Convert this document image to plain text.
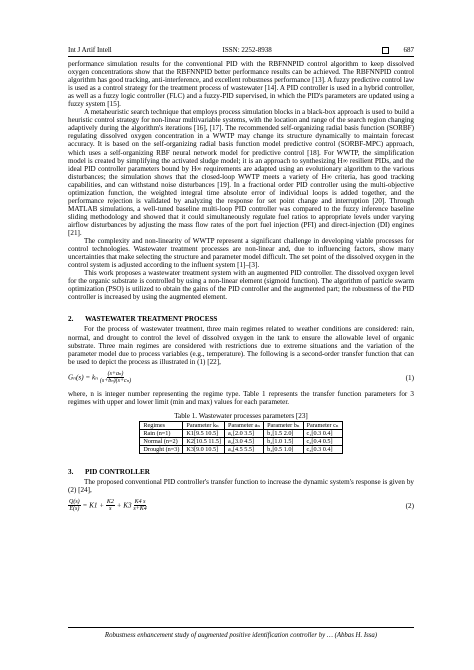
Int J Artif Intell	ISSN: 2252-8938	687

performance simulation results for the conventional PID with the RBFNNPID control algorithm to keep dissolved oxygen concentrations show that the RBFNNPID better performance results can be achieved. The RBFNNPID control algorithm has good tracking, anti-interference, and excellent robustness performance [13]. A fuzzy predictive control law is used as a control strategy for the treatment process of wastewater [14]. A PID controller is used in a hybrid controller, as well as a fuzzy logic controller (FLC) and a fuzzy-PID supervised, in which the PID's parameters are updated using a fuzzy system [15].

A metaheuristic search technique that employs process simulation blocks in a black-box approach is used to build a heuristic control strategy for non-linear multivariable systems, with the location and range of the search region changing adaptively during the algorithm's iterations [16], [17]. The recommended self-organizing radial basis function (SORBF) regulating dissolved oxygen concentration in a WWTP may change its structure dynamically to maintain forecast accuracy. It is based on the self-organizing radial basis function model predictive control (SORBF-MPC) approach, which uses a self-organizing RBF neural network model for predictive control [18]. For WWTP, the simplification model is created by simplifying the activated sludge model; it is an approach to synthesizing H∞ resilient PIDs, and the ideal PID controller parameters bound by H∞ requirements are adapted using an evolutionary algorithm to the various disturbances; the simulation shows that the closed-loop WWTP meets a variety of H∞ criteria, has good tracking capabilities, and can withstand noise disturbances [19]. In a fractional order PID controller using the multi-objective optimization function, the weighted integral time absolute error of individual loops is added together, and the performance rejection is validated by analyzing the response for set point change and interruption [20]. Through MATLAB simulations, a well-tuned baseline multi-loop PID controller was compared to the fuzzy inference baseline sliding methodology and showed that it could simultaneously regulate fuel ratios to appropriate levels under varying airflow disturbances by adjusting the mass flow rates of the port fuel injection (PFI) and direct-injection (DI) engines [21].

The complexity and non-linearity of WWTP represent a significant challenge in developing viable processes for control technologies. Wastewater treatment processes are non-linear and, due to influencing factors, show many uncertainties that make selecting the structure and parameter model difficult. The set point of the dissolved oxygen in the control system is adjusted according to the influent system [1]–[3].

This work proposes a wastewater treatment system with an augmented PID controller. The dissolved oxygen level for the organic substrate is controlled by using a non-linear element (sigmoid function). The algorithm of particle swarm optimization (PSO) is utilized to obtain the gains of the PID controller and the augmented part; the robustness of the PID controller is increased by using the augmented element.

2. WASTEWATER TREATMENT PROCESS

For the process of wastewater treatment, three main regimes related to weather conditions are considered: rain, normal, and drought to control the level of dissolved oxygen in the tank to ensure the allowable level of organic substrate. Three main regimes are considered with restrictions due to extreme situations and the variation of the parameter model due to process variables (e.g., temperature). The following is a second-order transfer function that can be used to depict the process as illustrated in (1) [22],

Gₙ(s) = kₙ $\frac{\text{(s+aₙ)}}{\text{(s+bₙ)(s+cₙ)}}$	(1)

where, n is integer number representing the regime type. Table 1 represents the transfer function parameters for 3 regimes with upper and lower limit (min and max) values for each parameter.

Table 1. Wastewater processes parameters [23]

Regimes	Parameter kₙ	Parameter aₙ	Parameter bₙ	Parameter cₙ
Rain (n=1)	K1[9.5 10.5]	a₁[2.0 3.5]	b₁[1.5 2.0]	c₁[0.3 0.4]
Normal (n=2)	K2[10.5 11.5]	a₂[3.0 4.5]	b₂[1.0 1.5]	c₂[0.4 0.5]
Drought (n=3)	K3[9.0 10.5]	a₃[4.5 5.5]	b₃[0.5 1.0]	c₃[0.3 0.4]

3. PID CONTROLLER

The proposed conventional PID controller's transfer function to increase the dynamic system's response is given by (2) [24],

$\frac{Q(s)}{E(s)} = K1 + \frac{K2}{s} + K3 \frac{K4 s}{s+K4}$	(2)
Robustness enhancement study of augmented positive identification controller by … (Abbas H. Issa)
